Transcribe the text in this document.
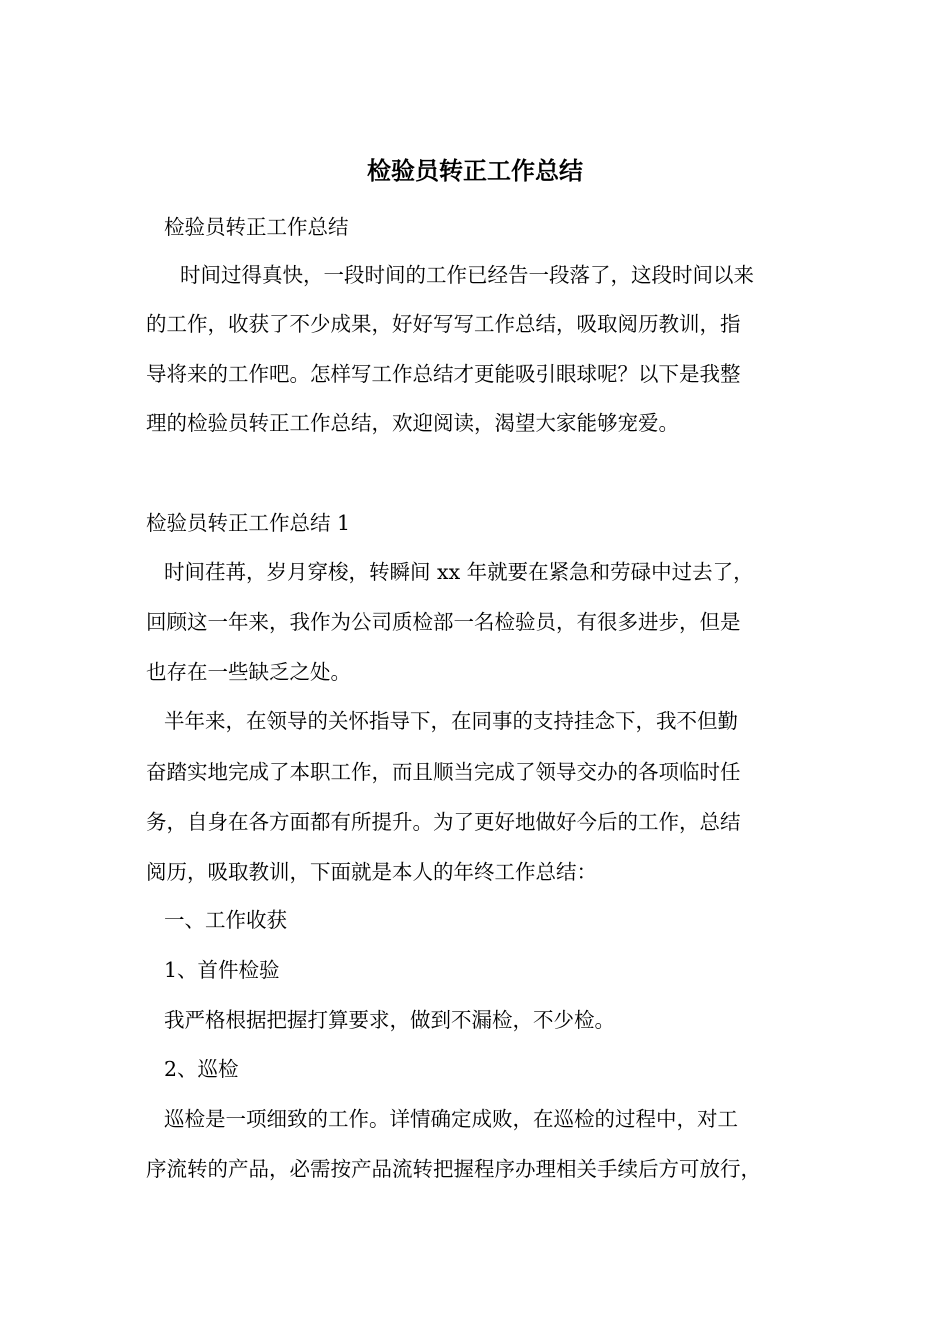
检验员转正工作总结
检验员转正工作总结
时间过得真快，一段时间的工作已经告一段落了，这段时间以来
的工作，收获了不少成果，好好写写工作总结，吸取阅历教训，指
导将来的工作吧。怎样写工作总结才更能吸引眼球呢？以下是我整
理的检验员转正工作总结，欢迎阅读，渴望大家能够宠爱。
检验员转正工作总结 1
时间荏苒，岁月穿梭，转瞬间 xx 年就要在紧急和劳碌中过去了，
回顾这一年来，我作为公司质检部一名检验员，有很多进步，但是
也存在一些缺乏之处。
半年来，在领导的关怀指导下，在同事的支持挂念下，我不但勤
奋踏实地完成了本职工作，而且顺当完成了领导交办的各项临时任
务，自身在各方面都有所提升。为了更好地做好今后的工作，总结
阅历，吸取教训，下面就是本人的年终工作总结：
一、工作收获
1、首件检验
我严格根据把握打算要求，做到不漏检，不少检。
2、巡检
巡检是一项细致的工作。详情确定成败，在巡检的过程中，对工
序流转的产品，必需按产品流转把握程序办理相关手续后方可放行，
